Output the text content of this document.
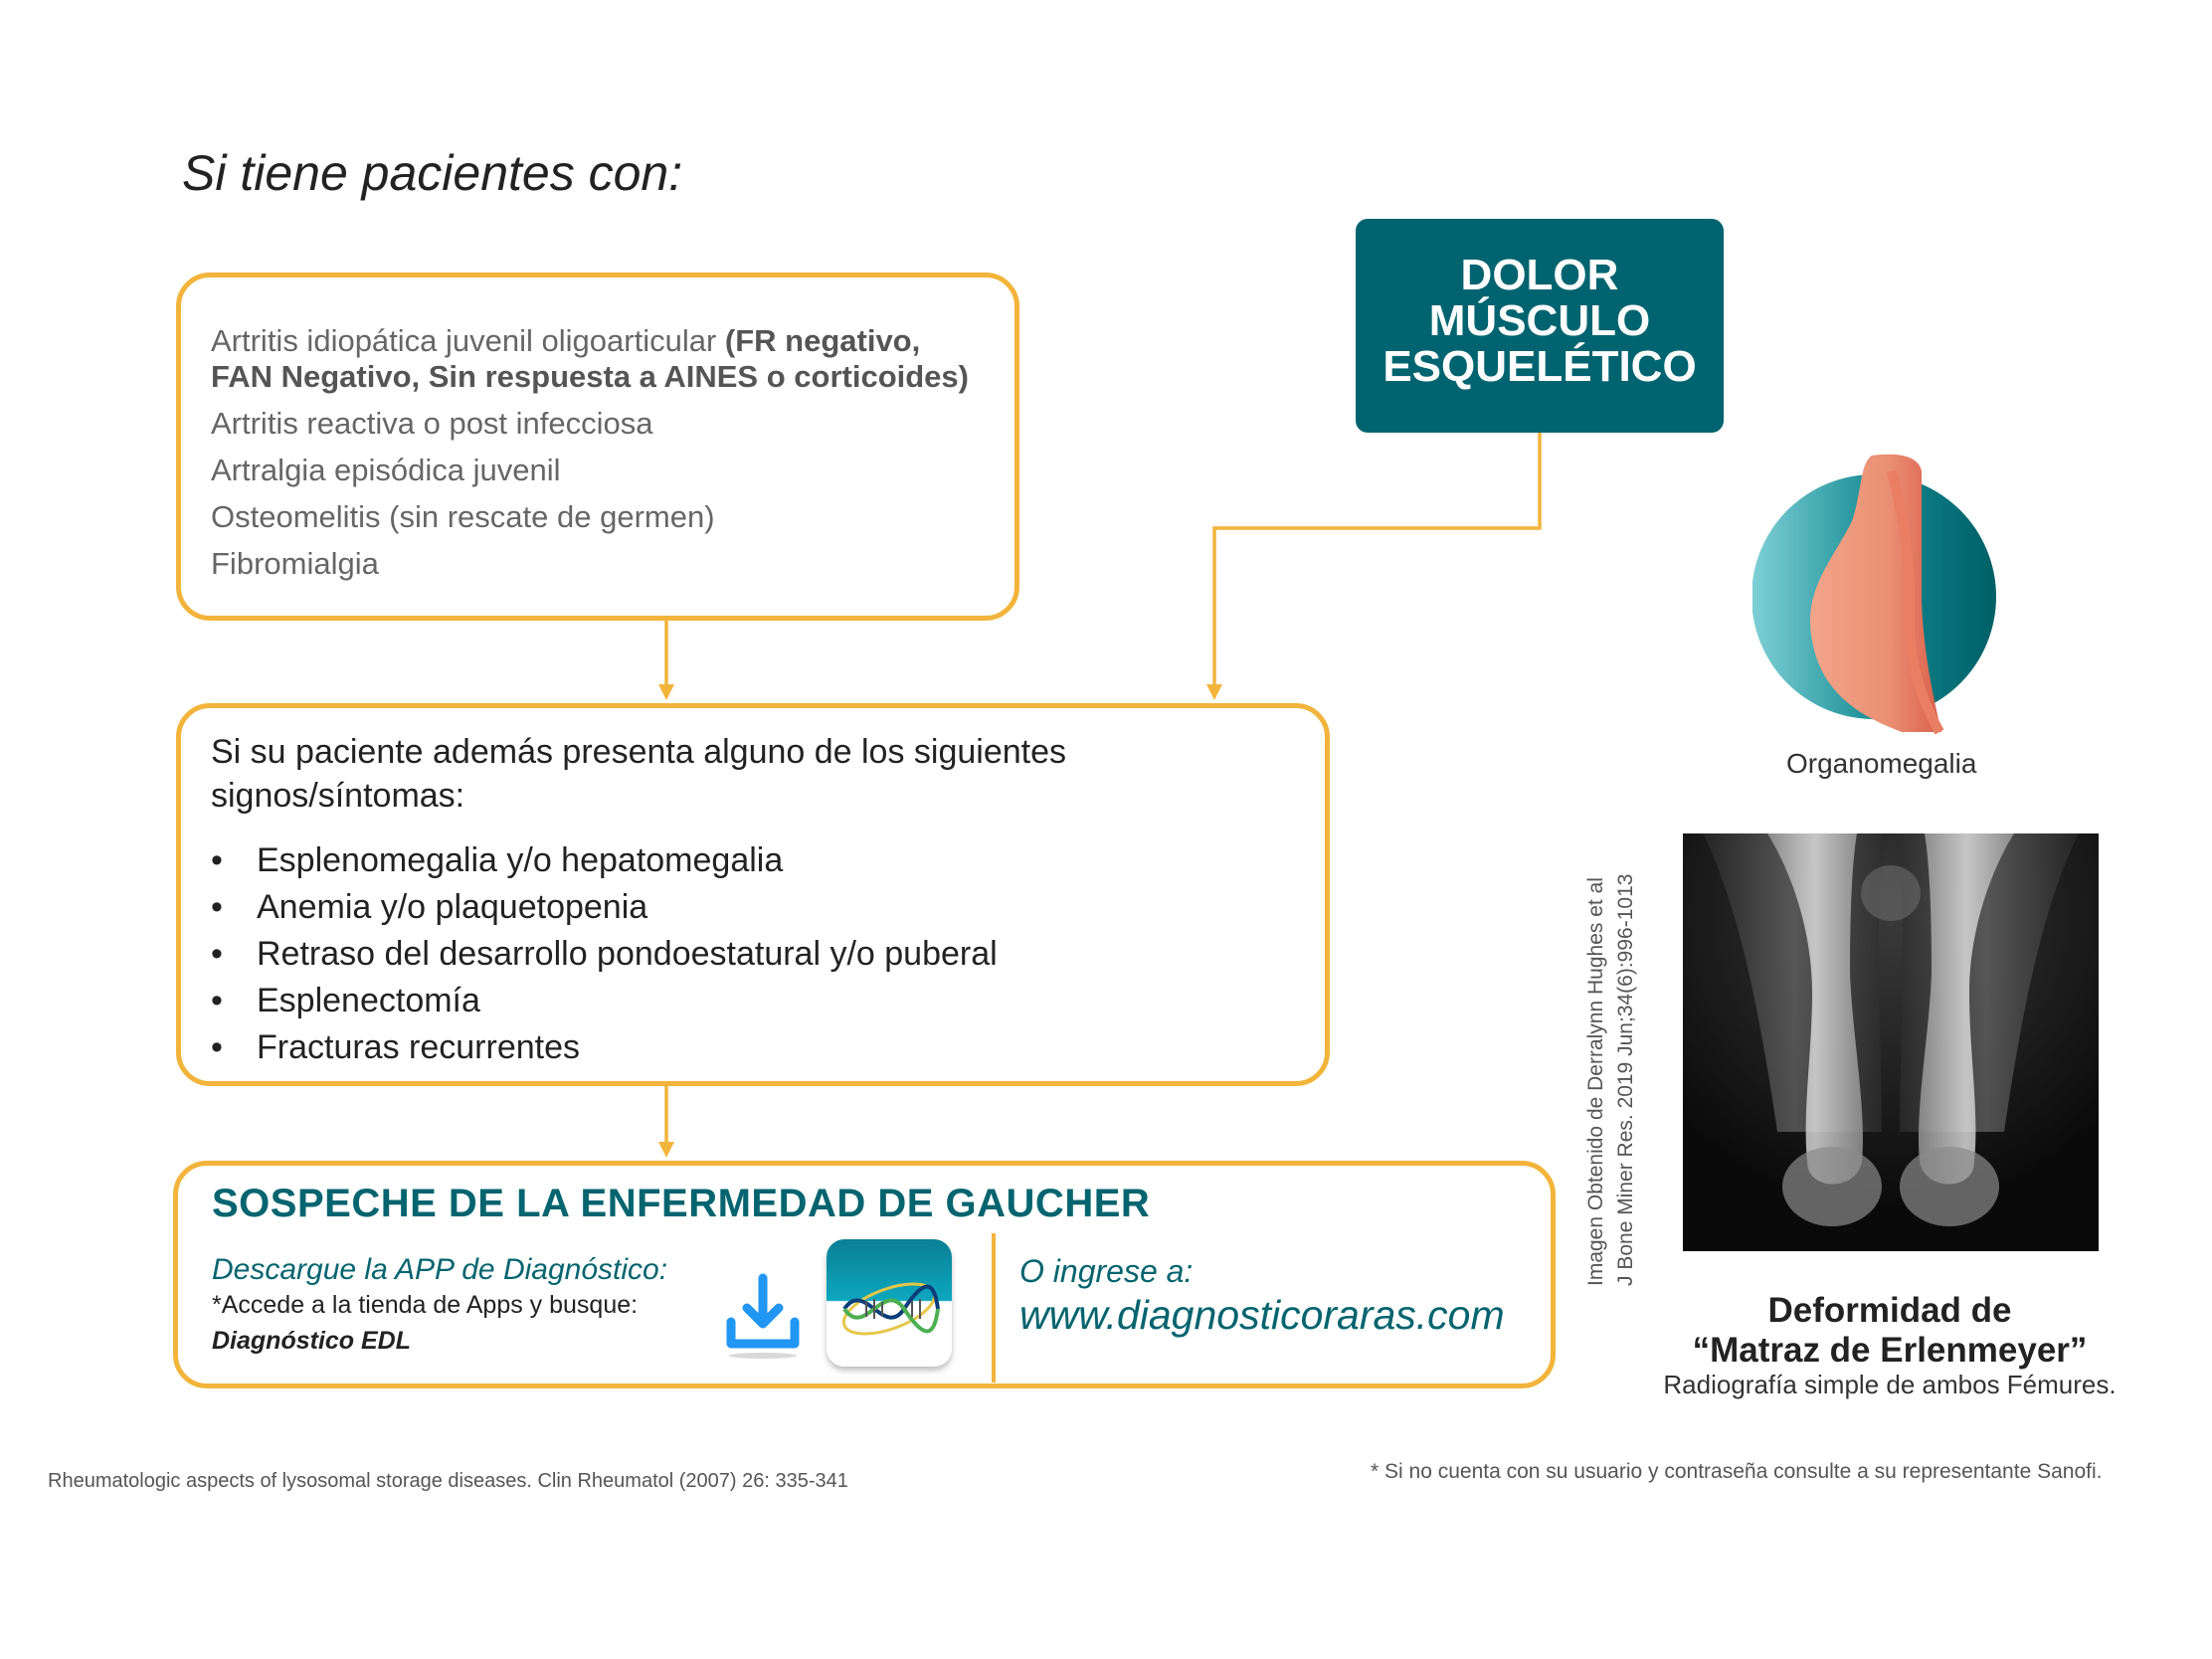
Si tiene pacientes con:
Artritis idiopática juvenil oligoarticular (FR negativo,
FAN Negativo, Sin respuesta a AINES o corticoides)
Artritis reactiva o post infecciosa
Artralgia episódica juvenil
Osteomelitis (sin rescate de germen)
Fibromialgia
DOLOR
MÚSCULO
ESQUELÉTICO
Si su paciente además presenta alguno de los siguientes signos/síntomas:
• Esplenomegalia y/o hepatomegalia
• Anemia y/o plaquetopenia
• Retraso del desarrollo pondoestatural y/o puberal
• Esplenectomía
• Fracturas recurrentes
SOSPECHE DE LA ENFERMEDAD DE GAUCHER
Descargue la APP de Diagnóstico:
*Accede a la tienda de Apps y busque:
Diagnóstico EDL
O ingrese a:
www.diagnosticoraras.com
Organomegalia
Imagen Obtenido de Derralynn Hughes et al J Bone Miner Res. 2019 Jun;34(6):996-1013
Deformidad de
“Matraz de Erlenmeyer”
Radiografía simple de ambos Fémures.
Rheumatologic aspects of lysosomal storage diseases. Clin Rheumatol (2007) 26: 335-341	* Si no cuenta con su usuario y contraseña consulte a su representante Sanofi.
